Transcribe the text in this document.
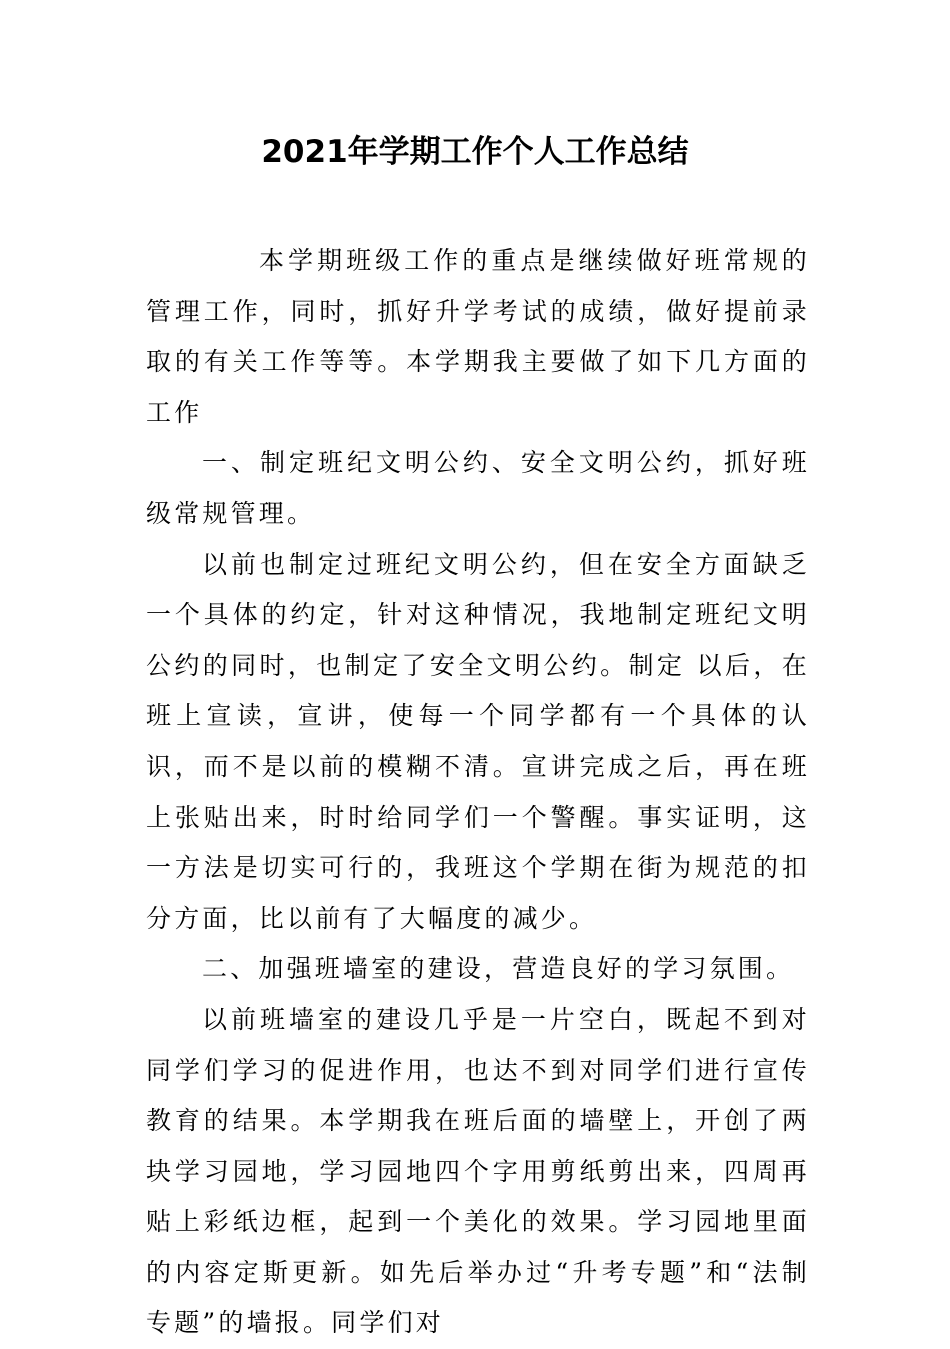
2021年学期工作个人工作总结

本学期班级工作的重点是继续做好班常规的管理工作，同时，抓好升学考试的成绩，做好提前录取的有关工作等等。本学期我主要做了如下几方面的工作

一、制定班纪文明公约、安全文明公约，抓好班级常规管理。

以前也制定过班纪文明公约，但在安全方面缺乏一个具体的约定，针对这种情况，我地制定班纪文明公约的同时，也制定了安全文明公约。制定 以后，在班上宣读，宣讲，使每一个同学都有一个具体的认识，而不是以前的模糊不清。宣讲完成之后，再在班上张贴出来，时时给同学们一个警醒。事实证明，这一方法是切实可行的，我班这个学期在街为规范的扣分方面，比以前有了大幅度的减少。

二、加强班墙室的建设，营造良好的学习氛围。

以前班墙室的建设几乎是一片空白，既起不到对同学们学习的促进作用，也达不到对同学们进行宣传教育的结果。本学期我在班后面的墙壁上，开创了两块学习园地，学习园地四个字用剪纸剪出来，四周再贴上彩纸边框，起到一个美化的效果。学习园地里面的内容定斯更新。如先后举办过“升考专题”和“法制专题”的墙报。同学们对
